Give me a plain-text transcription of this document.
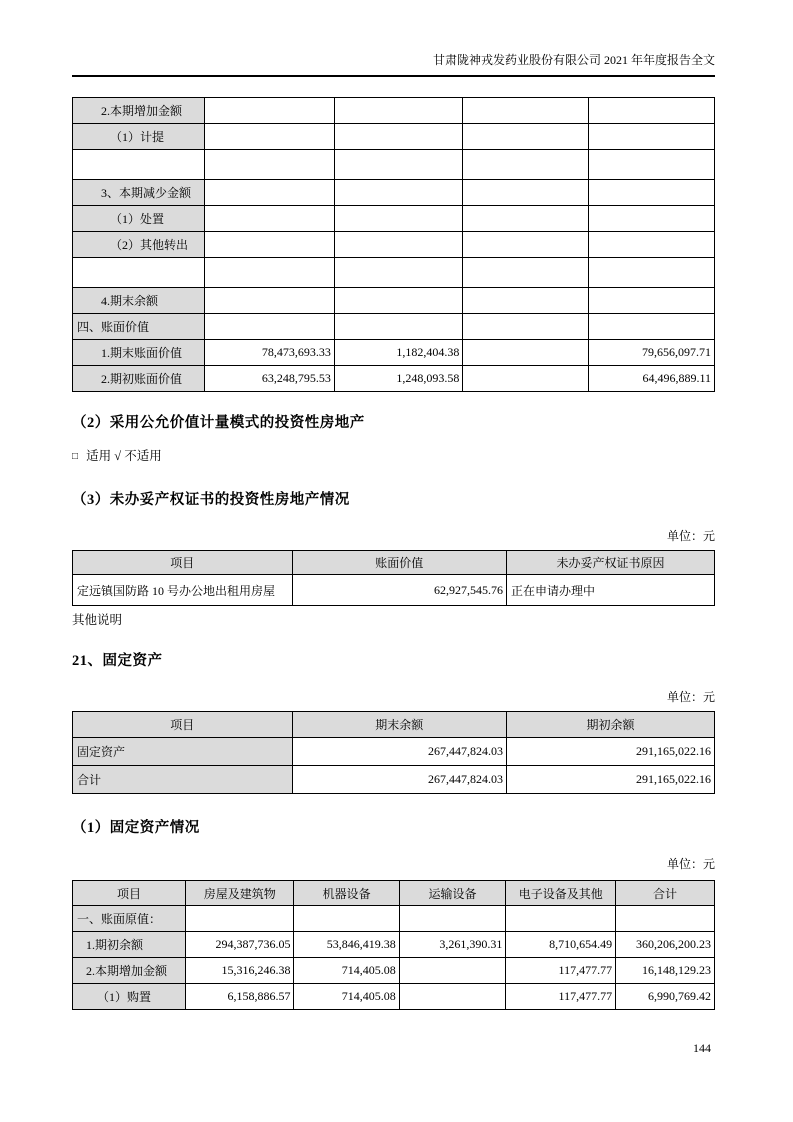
甘肃陇神戎发药业股份有限公司 2021 年年度报告全文
2.本期增加金额				
（1）计提				

3、本期减少金额				
（1）处置				
（2）其他转出				

4.期末余额				
四、账面价值				
1.期末账面价值	78,473,693.33	1,182,404.38		79,656,097.71
2.期初账面价值	63,248,795.53	1,248,093.58		64,496,889.11
（2）采用公允价值计量模式的投资性房地产
□ 适用 √ 不适用
（3）未办妥产权证书的投资性房地产情况
单位：元
项目	账面价值	未办妥产权证书原因
定远镇国防路 10 号办公地出租用房屋	62,927,545.76	正在申请办理中
其他说明
21、固定资产
单位：元
项目	期末余额	期初余额
固定资产	267,447,824.03	291,165,022.16
合计	267,447,824.03	291,165,022.16
（1）固定资产情况
单位：元
项目	房屋及建筑物	机器设备	运输设备	电子设备及其他	合计
一、账面原值：					
1.期初余额	294,387,736.05	53,846,419.38	3,261,390.31	8,710,654.49	360,206,200.23
2.本期增加金额	15,316,246.38	714,405.08		117,477.77	16,148,129.23
（1）购置	6,158,886.57	714,405.08		117,477.77	6,990,769.42
144
